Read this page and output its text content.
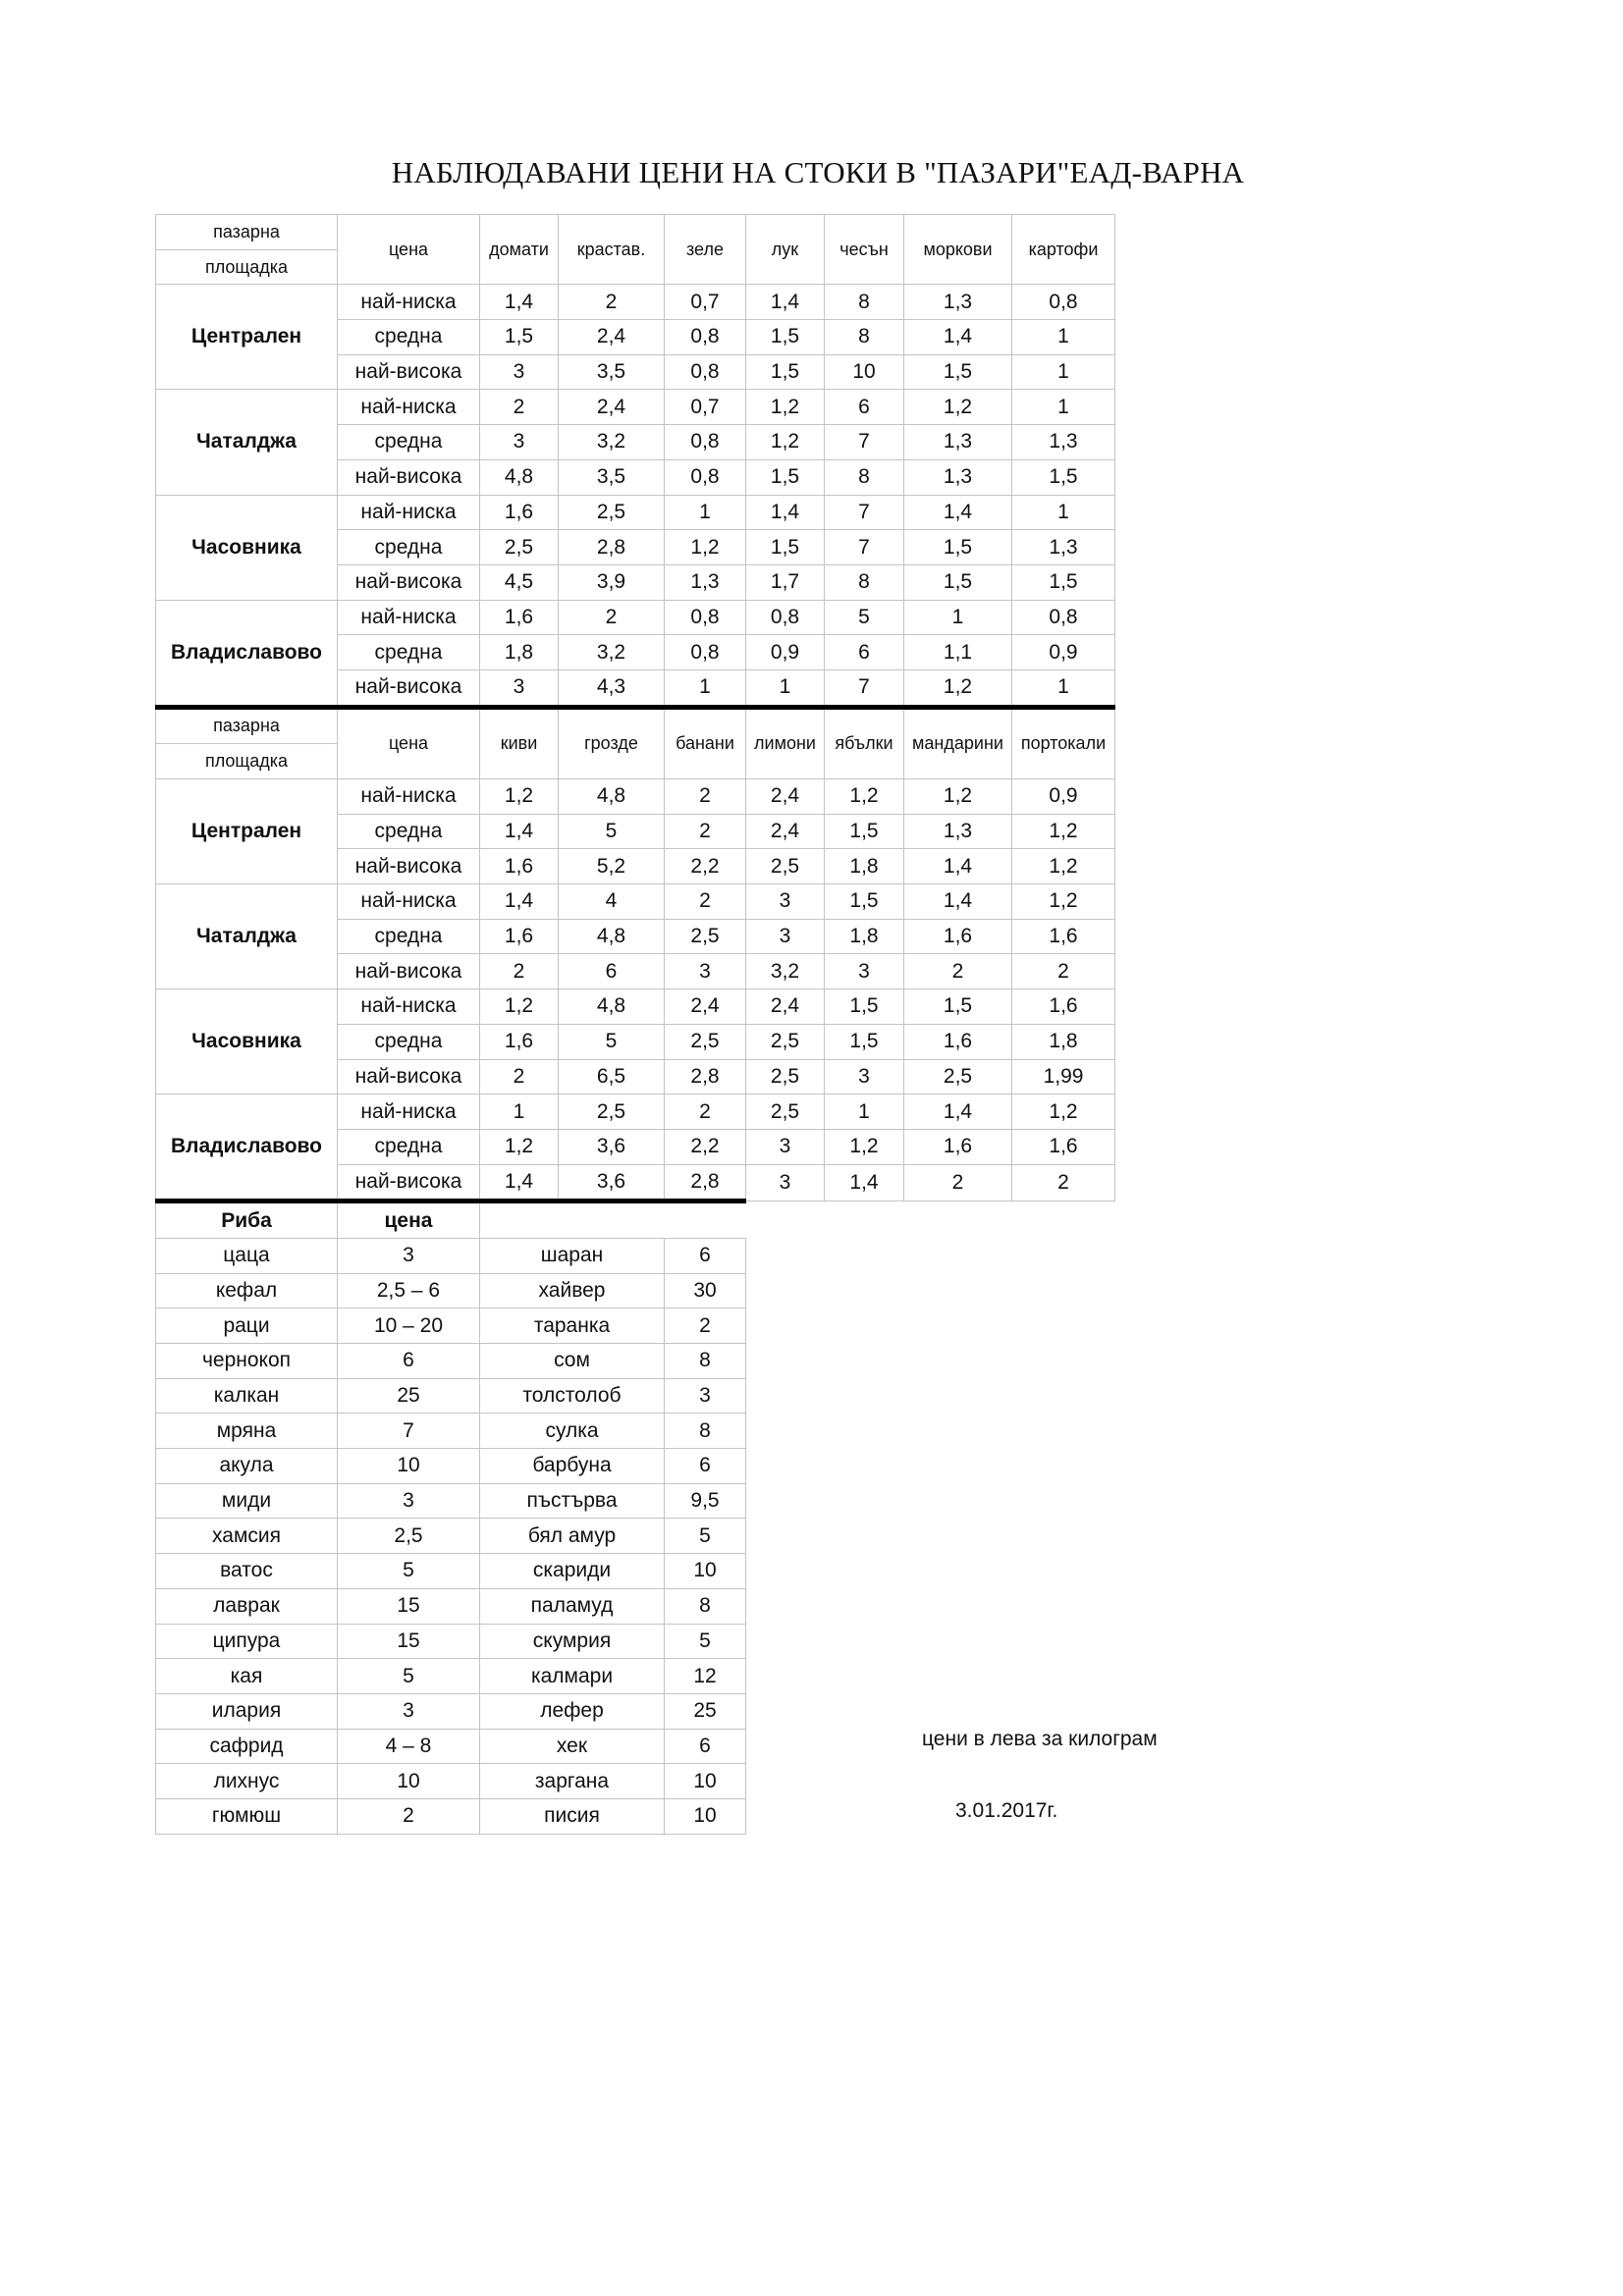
НАБЛЮДАВАНИ ЦЕНИ НА СТОКИ В "ПАЗАРИ"ЕАД-ВАРНА
пазарна	цена	домати	крастав.	зеле	лук	чесън	моркови	картофи
площадка								
Централен	най-ниска	1,4	2	0,7	1,4	8	1,3	0,8
	средна	1,5	2,4	0,8	1,5	8	1,4	1
	най-висока	3	3,5	0,8	1,5	10	1,5	1
Чаталджа	най-ниска	2	2,4	0,7	1,2	6	1,2	1
	средна	3	3,2	0,8	1,2	7	1,3	1,3
	най-висока	4,8	3,5	0,8	1,5	8	1,3	1,5
Часовника	най-ниска	1,6	2,5	1	1,4	7	1,4	1
	средна	2,5	2,8	1,2	1,5	7	1,5	1,3
	най-висока	4,5	3,9	1,3	1,7	8	1,5	1,5
Владиславово	най-ниска	1,6	2	0,8	0,8	5	1	0,8
	средна	1,8	3,2	0,8	0,9	6	1,1	0,9
	най-висока	3	4,3	1	1	7	1,2	1
пазарна	цена	киви	грозде	банани	лимони	ябълки	мандарини	портокали
площадка								
Централен	най-ниска	1,2	4,8	2	2,4	1,2	1,2	0,9
	средна	1,4	5	2	2,4	1,5	1,3	1,2
	най-висока	1,6	5,2	2,2	2,5	1,8	1,4	1,2
Чаталджа	най-ниска	1,4	4	2	3	1,5	1,4	1,2
	средна	1,6	4,8	2,5	3	1,8	1,6	1,6
	най-висока	2	6	3	3,2	3	2	2
Часовника	най-ниска	1,2	4,8	2,4	2,4	1,5	1,5	1,6
	средна	1,6	5	2,5	2,5	1,5	1,6	1,8
	най-висока	2	6,5	2,8	2,5	3	2,5	1,99
Владиславово	най-ниска	1	2,5	2	2,5	1	1,4	1,2
	средна	1,2	3,6	2,2	3	1,2	1,6	1,6
	най-висока	1,4	3,6	2,8	3	1,4	2	2
Риба	цена							
цаца	3	шаран		6				
кефал	2,5 – 6	хайвер		30				
раци	10 – 20	таранка		2				
чернокоп	6	сом		8				
калкан	25	толстолоб		3				
мряна	7	сулка		8				
акула	10	барбуна		6				
миди	3	пъстърва		9,5				
хамсия	2,5	бял амур		5				
ватос	5	скариди		10				
лаврак	15	паламуд		8				
ципура	15	скумрия		5				
кая	5	калмари		12				
илария	3	лефер		25				
сафрид	4 – 8	хек		6				
лихнус	10	заргана		10				
гюмюш	2	писия		10				
цени в лева за килограм
3.01.2017г.
